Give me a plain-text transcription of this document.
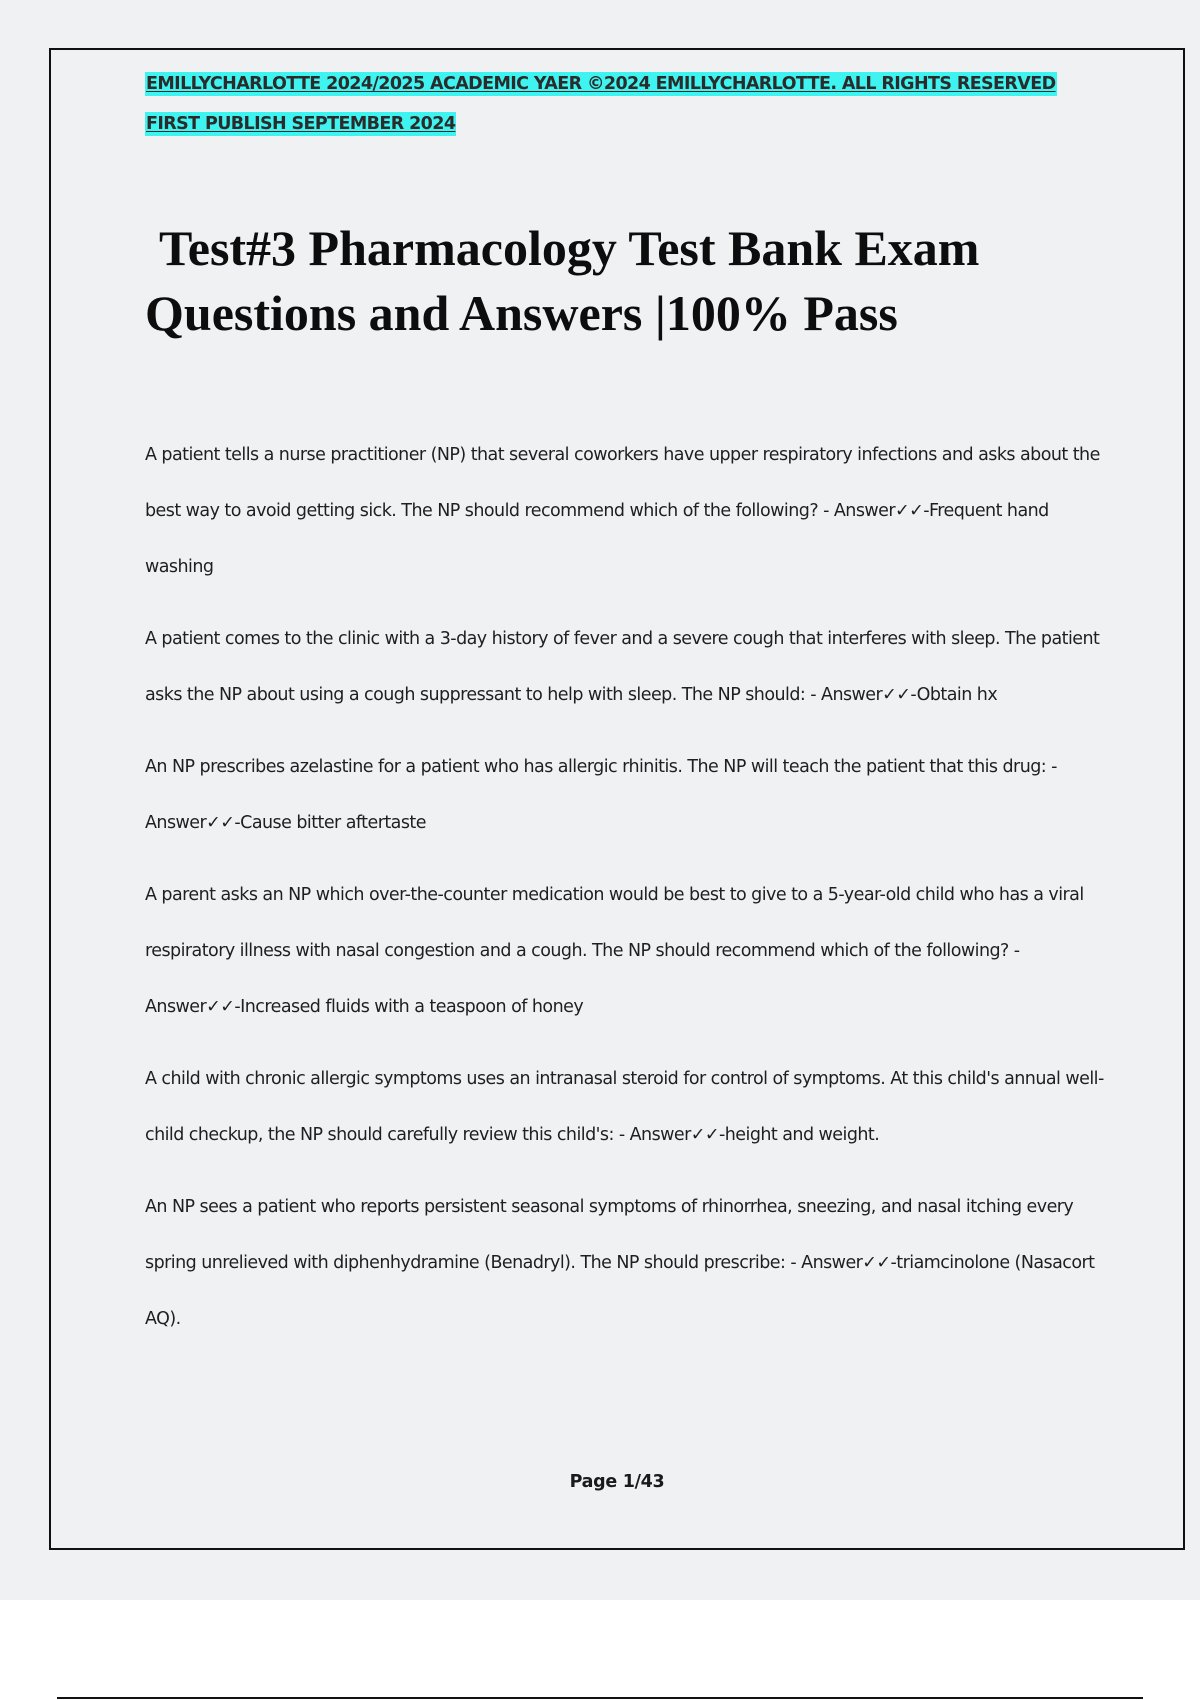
EMILLYCHARLOTTE 2024/2025 ACADEMIC YAER ©2024 EMILLYCHARLOTTE. ALL RIGHTS RESERVED
FIRST PUBLISH SEPTEMBER 2024
Test#3 Pharmacology Test Bank Exam
Questions and Answers |100% Pass
A patient tells a nurse practitioner (NP) that several coworkers have upper respiratory infections and asks about the best way to avoid getting sick. The NP should recommend which of the following? - Answer✓✓-Frequent hand washing
A patient comes to the clinic with a 3-day history of fever and a severe cough that interferes with sleep. The patient asks the NP about using a cough suppressant to help with sleep. The NP should: - Answer✓✓-Obtain hx
An NP prescribes azelastine for a patient who has allergic rhinitis. The NP will teach the patient that this drug: - Answer✓✓-Cause bitter aftertaste
A parent asks an NP which over-the-counter medication would be best to give to a 5-year-old child who has a viral respiratory illness with nasal congestion and a cough. The NP should recommend which of the following? - Answer✓✓-Increased fluids with a teaspoon of honey
A child with chronic allergic symptoms uses an intranasal steroid for control of symptoms. At this child's annual well-child checkup, the NP should carefully review this child's: - Answer✓✓-height and weight.
An NP sees a patient who reports persistent seasonal symptoms of rhinorrhea, sneezing, and nasal itching every spring unrelieved with diphenhydramine (Benadryl). The NP should prescribe: - Answer✓✓-triamcinolone (Nasacort AQ).
Page 1/43
